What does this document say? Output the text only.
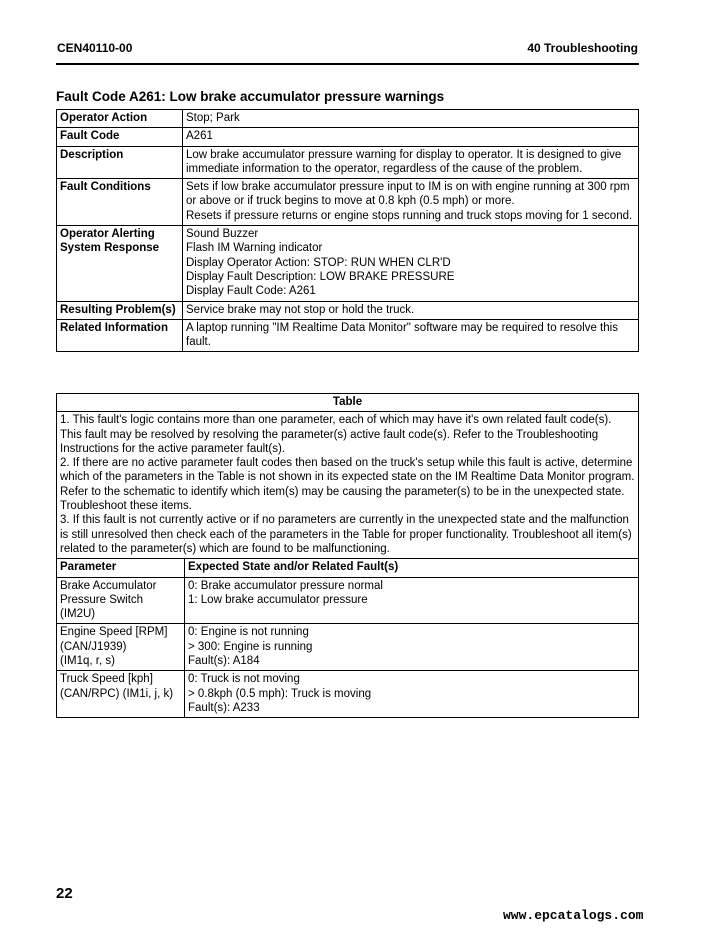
CEN40110-00	40 Troubleshooting
Fault Code A261: Low brake accumulator pressure warnings
Operator Action	Stop; Park
Fault Code	A261
Description	Low brake accumulator pressure warning for display to operator. It is designed to give immediate information to the operator, regardless of the cause of the problem.
Fault Conditions	Sets if low brake accumulator pressure input to IM is on with engine running at 300 rpm or above or if truck begins to move at 0.8 kph (0.5 mph) or more.
Resets if pressure returns or engine stops running and truck stops moving for 1 second.

Operator Alerting System Response	Sound Buzzer
Flash IM Warning indicator
Display Operator Action: STOP: RUN WHEN CLR'D
Display Fault Description: LOW BRAKE PRESSURE
Display Fault Code: A261

Resulting Problem(s)	Service brake may not stop or hold the truck.
Related Information	A laptop running "IM Realtime Data Monitor" software may be required to resolve this fault.
Table	

1. This fault's logic contains more than one parameter, each of which may have it's own related fault code(s). This fault may be resolved by resolving the parameter(s) active fault code(s). Refer to the Troubleshooting Instructions for the active parameter fault(s).
2. If there are no active parameter fault codes then based on the truck's setup while this fault is active, determine which of the parameters in the Table is not shown in its expected state on the IM Realtime Data Monitor program. Refer to the schematic to identify which item(s) may be causing the parameter(s) to be in the unexpected state. Troubleshoot these items.
3. If this fault is not currently active or if no parameters are currently in the unexpected state and the malfunction is still unresolved then check each of the parameters in the Table for proper functionality. Troubleshoot all item(s) related to the parameter(s) which are found to be malfunctioning.	

Parameter	Expected State and/or Related Fault(s)

Brake Accumulator
Pressure Switch
(IM2U)	0: Brake accumulator pressure normal
1: Low brake accumulator pressure

Engine Speed [RPM]
(CAN/J1939)
(IM1q, r, s)	0: Engine is not running
> 300: Engine is running
Fault(s): A184

Truck Speed [kph]
(CAN/RPC) (IM1i, j, k)	0: Truck is not moving
> 0.8kph (0.5 mph): Truck is moving
Fault(s): A233
22
www.epcatalogs.com
